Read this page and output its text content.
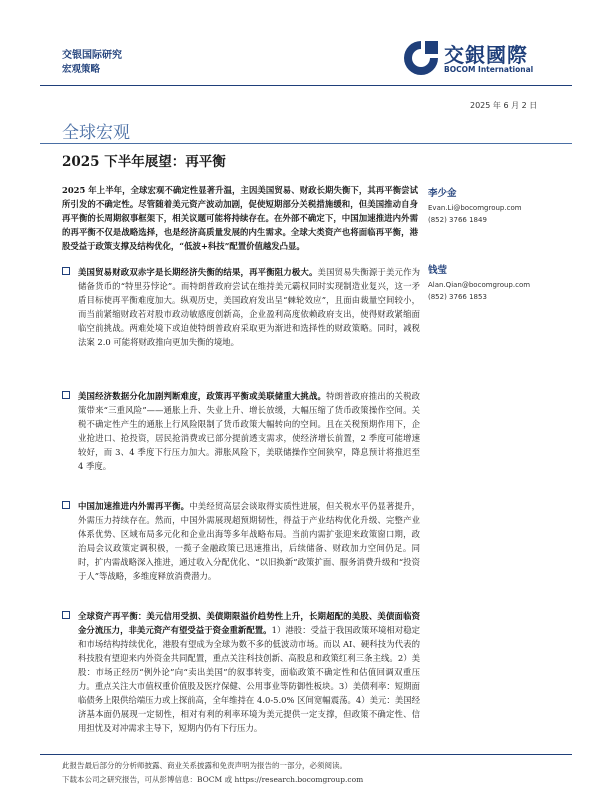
交银国际研究
宏观策略
交銀國際
BOCOM International
2025 年 6 月 2 日
全球宏观
2025 下半年展望：再平衡
2025 年上半年，全球宏观不确定性显著升温，主因美国贸易、财政长期失衡下，其再平衡尝试所引发的不确定性。尽管随着美元资产波动加剧，促使短期部分关税措施缓和，但美国推动自身再平衡的长周期叙事框架下，相关议题可能将持续存在。在外部不确定下，中国加速推进内外需的再平衡不仅是战略选择，也是经济高质量发展的内生需求。全球大类资产也将面临再平衡，港股受益于政策支撑及结构优化，“低波+科技”配置价值越发凸显。
李少金
Evan.Li@bocomgroup.com
(852) 3766 1849
钱莹
Alan.Qian@bocomgroup.com
(852) 3766 1853
美国贸易财政双赤字是长期经济失衡的结果，再平衡阻力极大。美国贸易失衡源于美元作为储备货币的“特里芬悖论”。而特朗普政府尝试在维持美元霸权同时实现制造业复兴，这一矛盾目标使再平衡难度加大。纵观历史，美国政府发出呈“棘轮效应”，且面由裁量空间较小，而当前紧缩财政若对股市政动敏感度创新高，企业盈利高度依赖政府支出，使得财政紧缩面临空前挑战。两难处境下或迫使特朗普政府采取更为渐进和选择性的财政策略。同时，减税法案 2.0 可能将财政推向更加失衡的境地。
美国经济数据分化加剧判断难度，政策再平衡或美联储重大挑战。特朗普政府推出的关税政策带来“三重风险”——通胀上升、失业上升、增长放缓，大幅压缩了货币政策操作空间。关税不确定性产生的通胀上行风险限制了货币政策大幅转向的空间。且在关税预期作用下，企业抢进口、抢投资，居民抢消费或已部分提前透支需求，使经济增长前置，2 季度可能增速较好，而 3、4 季度下行压力加大。滞胀风险下，美联储操作空间狭窄，降息预计将推迟至 4 季度。
中国加速推进内外需再平衡。中美经贸高层会谈取得实质性进展，但关税水平仍显著提升，外需压力持续存在。然而，中国外需展现超预期韧性，得益于产业结构优化升级、完整产业体系优势、区域布局多元化和企业出海等多年战略布局。当前内需扩张迎来政策窗口期，政治局会议政策定调积极，一揽子金融政策已迅速推出，后续储备、财政加力空间仍足。同时，扩内需战略深入推进，通过收入分配优化、“以旧换新”政策扩面、服务消费升级和“投资于人”等战略，多维度释放消费潜力。
全球资产再平衡：美元信用受损、美债期限溢价趋势性上升，长期超配的美股、美债面临资金分流压力，非美元资产有望受益于资金重新配置。1）港股：受益于我国政策环境相对稳定和市场结构持续优化，港股有望成为全球为数不多的低波动市场。而以 AI、硬科技为代表的科技股有望迎来内外资金共同配置，重点关注科技创新、高股息和政策红利三条主线。2）美股：市场正经历“例外论”向“卖出美国”的叙事转变，面临政策不确定性和估值回调双重压力。重点关注大市值权重价值股及医疗保健、公用事业等防御性板块。3）美债利率：短期面临债务上限供给端压力或上探前高，全年维持在 4.0-5.0% 区间宽幅震荡。4）美元：美国经济基本面仍展现一定韧性，相对有利的利率环境为美元提供一定支撑，但政策不确定性、信用担忧及对冲需求主导下，短期内仍有下行压力。
此报告最后部分的分析师披露、商业关系披露和免责声明为报告的一部分，必须阅读。
下载本公司之研究报告，可从彭博信息：BOCM 或 https://research.bocomgroup.com
